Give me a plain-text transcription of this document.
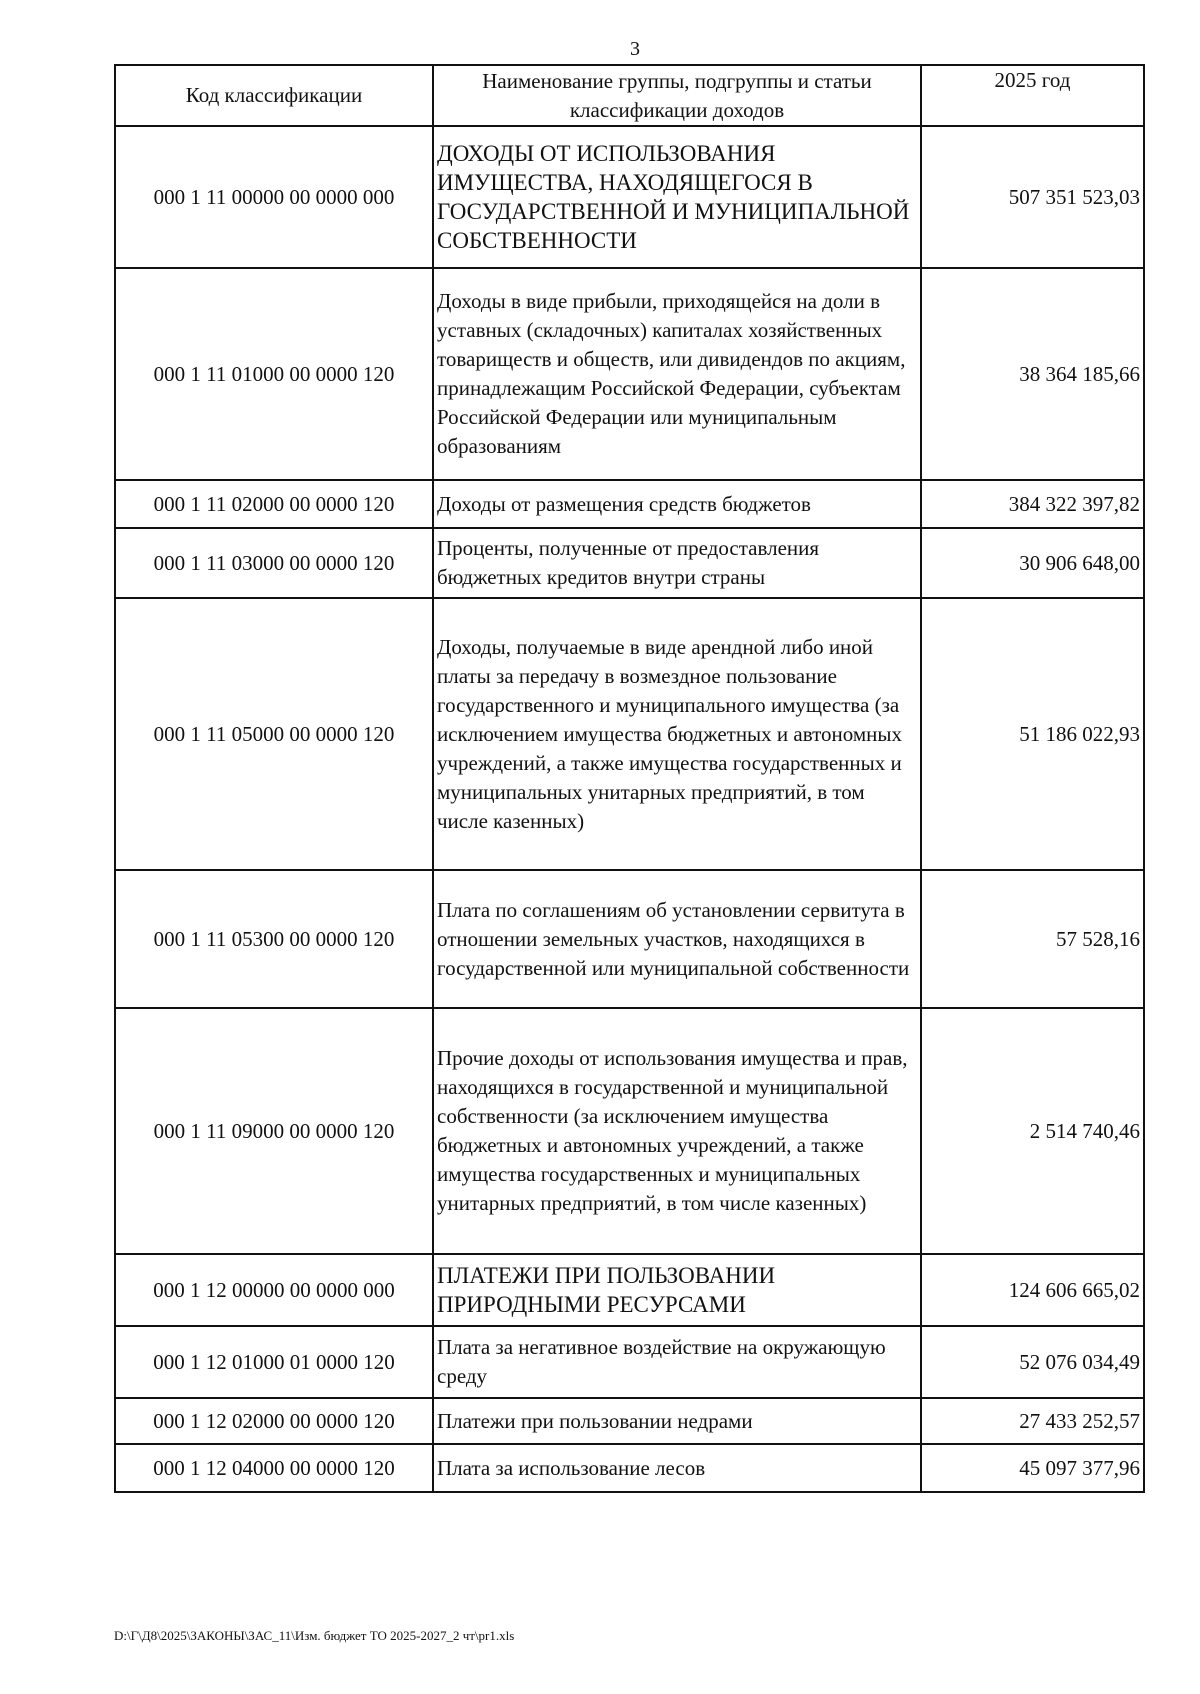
3
Код классификации	Наименование группы, подгруппы и статьи классификации доходов	2025 год
000 1 11 00000 00 0000 000	ДОХОДЫ ОТ ИСПОЛЬЗОВАНИЯ ИМУЩЕСТВА, НАХОДЯЩЕГОСЯ В ГОСУДАРСТВЕННОЙ И МУНИЦИПАЛЬНОЙ СОБСТВЕННОСТИ	507 351 523,03
000 1 11 01000 00 0000 120	Доходы в виде прибыли, приходящейся на доли в уставных (складочных) капиталах хозяйственных товариществ и обществ, или дивидендов по акциям, принадлежащим Российской Федерации, субъектам Российской Федерации или муниципальным образованиям	38 364 185,66
000 1 11 02000 00 0000 120	Доходы от размещения средств бюджетов	384 322 397,82
000 1 11 03000 00 0000 120	Проценты, полученные от предоставления бюджетных кредитов внутри страны	30 906 648,00
000 1 11 05000 00 0000 120	Доходы, получаемые в виде арендной либо иной платы за передачу в возмездное пользование государственного и муниципального имущества (за исключением имущества бюджетных и автономных учреждений, а также имущества государственных и муниципальных унитарных предприятий, в том числе казенных)	51 186 022,93
000 1 11 05300 00 0000 120	Плата по соглашениям об установлении сервитута в отношении земельных участков, находящихся в государственной или муниципальной собственности	57 528,16
000 1 11 09000 00 0000 120	Прочие доходы от использования имущества и прав, находящихся в государственной и муниципальной собственности (за исключением имущества бюджетных и автономных учреждений, а также имущества государственных и муниципальных унитарных предприятий, в том числе казенных)	2 514 740,46
000 1 12 00000 00 0000 000	ПЛАТЕЖИ ПРИ ПОЛЬЗОВАНИИ ПРИРОДНЫМИ РЕСУРСАМИ	124 606 665,02
000 1 12 01000 01 0000 120	Плата за негативное воздействие на окружающую среду	52 076 034,49
000 1 12 02000 00 0000 120	Платежи при пользовании недрами	27 433 252,57
000 1 12 04000 00 0000 120	Плата за использование лесов	45 097 377,96
D:\Г\Д8\2025\ЗАКОНЫ\ЗАС_11\Изм. бюджет ТО 2025-2027_2 чт\pr1.xls
